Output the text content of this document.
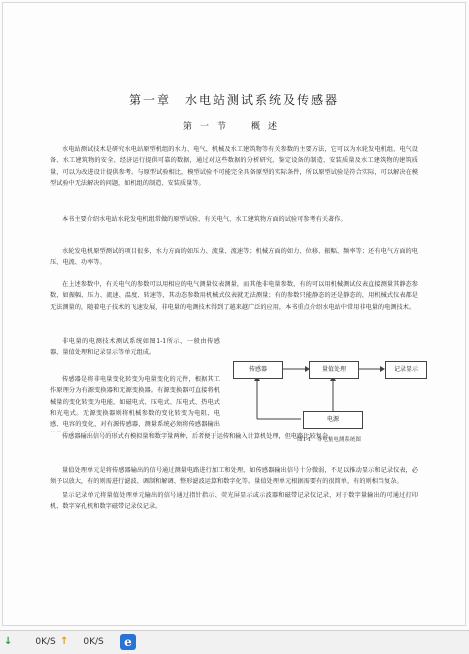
第一章　水电站测试系统及传感器
第一节　概述

水电站测试技术是研究水电站原型机组的水力、电气、机械及水工建筑物等有关参数的主要方法，它可以为水轮发电机组、电气设备、水工建筑物的安全、经济运行提供可靠的数据，通过对这些数据的分析研究，鉴定设备的制造、安装质量及水工建筑物的建筑质量，可以为改进设计提供参考。与原型试验相比，模型试验不可能完全具备原型的实际条件，所以原型试验是符合实际，可以解决在模型试验中无法解决的问题，如机组的制造、安装质量等。

本书主要介绍水电站水轮发电机组常做的原型试验、有关电气、水工建筑物方面的试验可参考有关著作。

水轮发电机原型测试的项目很多，水力方面的如压力、流量、流速等；机械方面的如力、位移、振幅、频率等；还有电气方面的电压、电流、功率等。

在上述参数中，有关电气的参数可以用相应的电气测量仪表测量，而其他非电量参数，有的可以用机械测试仪表直接测量其静态参数，如振幅、压力、流速、温度、转速等，其动态参数用机械式仪表就无法测量；有的参数只能静态的还是静态的，用机械式仪表都是无法测量的，随着电子技术的飞速发展，非电量的电测技术得到了越来越广泛的应用，本书重点介绍水电站中常用非电量的电测技术。

非电量的电测技术测试系统如图1-1所示，一般由传感器、量值处理和记录显示等单元组成。

传感器是将非电量变化转变为电量变化的元件，根据其工作原理分为有源变换器和无源变换器。有源变换器可直接将机械量的变化转变为电能，如磁电式、压电式、压电式、热电式和光电式。无源变换器则将机械参数的变化转变为电阻、电感、电容的变化，对有源传感器，测量系统必须将传感器输出

传感器输出信号的形式有模拟量和数字量两种，后者便于运传和输入计算机处理，但电路比较复杂。

量值处理单元是将传感器输出的信号通过测量电路进行加工和处理，如传感器输出信号十分微弱，不足以推动显示和记录仪表，必须予以放大，有的则需进行滤波、调制和解调、整形滤波运算和数字化等。量值处理单元根据需要有的很简单，有的则相当复杂。

显示记录单元将量值处理单元输出的信号通过指针指示、荧光屏显示或示波器和磁带记录仪记录，对于数字量输出的可通过打印机、数字穿孔机和数字磁带记录仪记录。

传感器	量值处理	记录显示
电源
图1-1　非电量电测系统图
↓	0K/S ↑ 0K/S	e
